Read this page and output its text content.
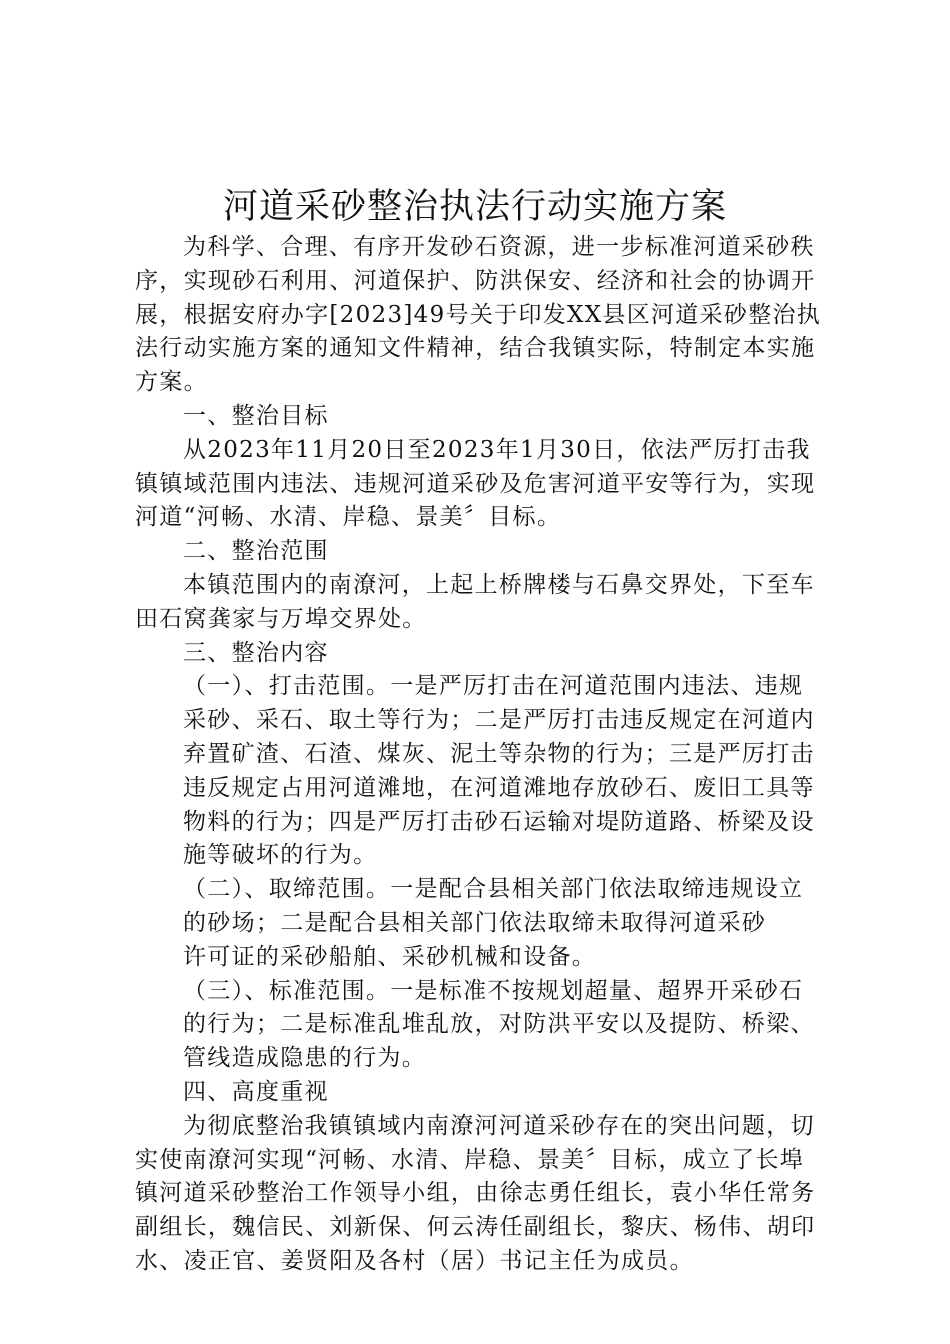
河道采砂整治执法行动实施方案

为科学、合理、有序开发砂石资源，进一步标准河道采砂秩序，实现砂石利用、河道保护、防洪保安、经济和社会的协调开展，根据安府办字[2023]49号关于印发XX县区河道采砂整治执法行动实施方案的通知文件精神，结合我镇实际，特制定本实施方案。

一、整治目标

从2023年11月20日至2023年1月30日，依法严厉打击我镇镇域范围内违法、违规河道采砂及危害河道平安等行为，实现河道“河畅、水清、岸稳、景美〞目标。

二、整治范围

本镇范围内的南潦河，上起上桥牌楼与石鼻交界处，下至车田石窝龚家与万埠交界处。

三、整治内容

（一）、打击范围。一是严厉打击在河道范围内违法、违规采砂、采石、取土等行为；二是严厉打击违反规定在河道内弃置矿渣、石渣、煤灰、泥土等杂物的行为；三是严厉打击违反规定占用河道滩地，在河道滩地存放砂石、废旧工具等物料的行为；四是严厉打击砂石运输对堤防道路、桥梁及设施等破坏的行为。

（二）、取缔范围。一是配合县相关部门依法取缔违规设立的砂场；二是配合县相关部门依法取缔未取得河道采砂

许可证的采砂船舶、采砂机械和设备。

（三）、标准范围。一是标准不按规划超量、超界开采砂石的行为；二是标准乱堆乱放，对防洪平安以及提防、桥梁、管线造成隐患的行为。

四、高度重视

为彻底整治我镇镇域内南潦河河道采砂存在的突出问题，切实使南潦河实现“河畅、水清、岸稳、景美〞目标，成立了长埠镇河道采砂整治工作领导小组，由徐志勇任组长，袁小华任常务副组长，魏信民、刘新保、何云涛任副组长，黎庆、杨伟、胡印水、凌正官、姜贤阳及各村（居）书记主任为成员。
